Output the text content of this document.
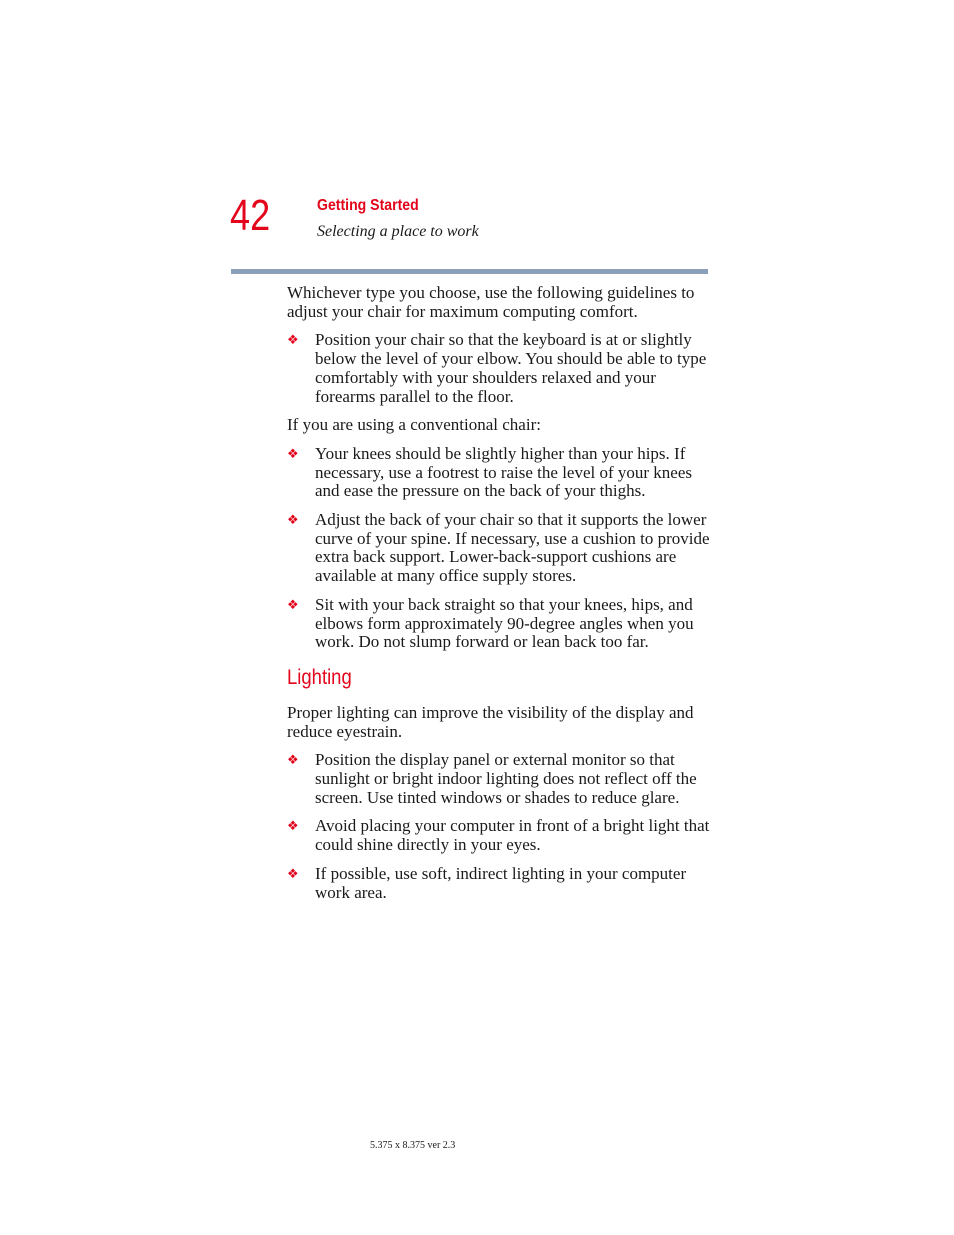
42	Getting Started
Selecting a place to work

Whichever type you choose, use the following guidelines to adjust your chair for maximum computing comfort.

❖ Position your chair so that the keyboard is at or slightly below the level of your elbow. You should be able to type comfortably with your shoulders relaxed and your forearms parallel to the floor.

If you are using a conventional chair:

❖ Your knees should be slightly higher than your hips. If necessary, use a footrest to raise the level of your knees and ease the pressure on the back of your thighs.
❖ Adjust the back of your chair so that it supports the lower curve of your spine. If necessary, use a cushion to provide extra back support. Lower-back-support cushions are available at many office supply stores.
❖ Sit with your back straight so that your knees, hips, and elbows form approximately 90-degree angles when you work. Do not slump forward or lean back too far.
Lighting

Proper lighting can improve the visibility of the display and reduce eyestrain.

❖ Position the display panel or external monitor so that sunlight or bright indoor lighting does not reflect off the screen. Use tinted windows or shades to reduce glare.
❖ Avoid placing your computer in front of a bright light that could shine directly in your eyes.
❖ If possible, use soft, indirect lighting in your computer work area.
5.375 x 8.375 ver 2.3
